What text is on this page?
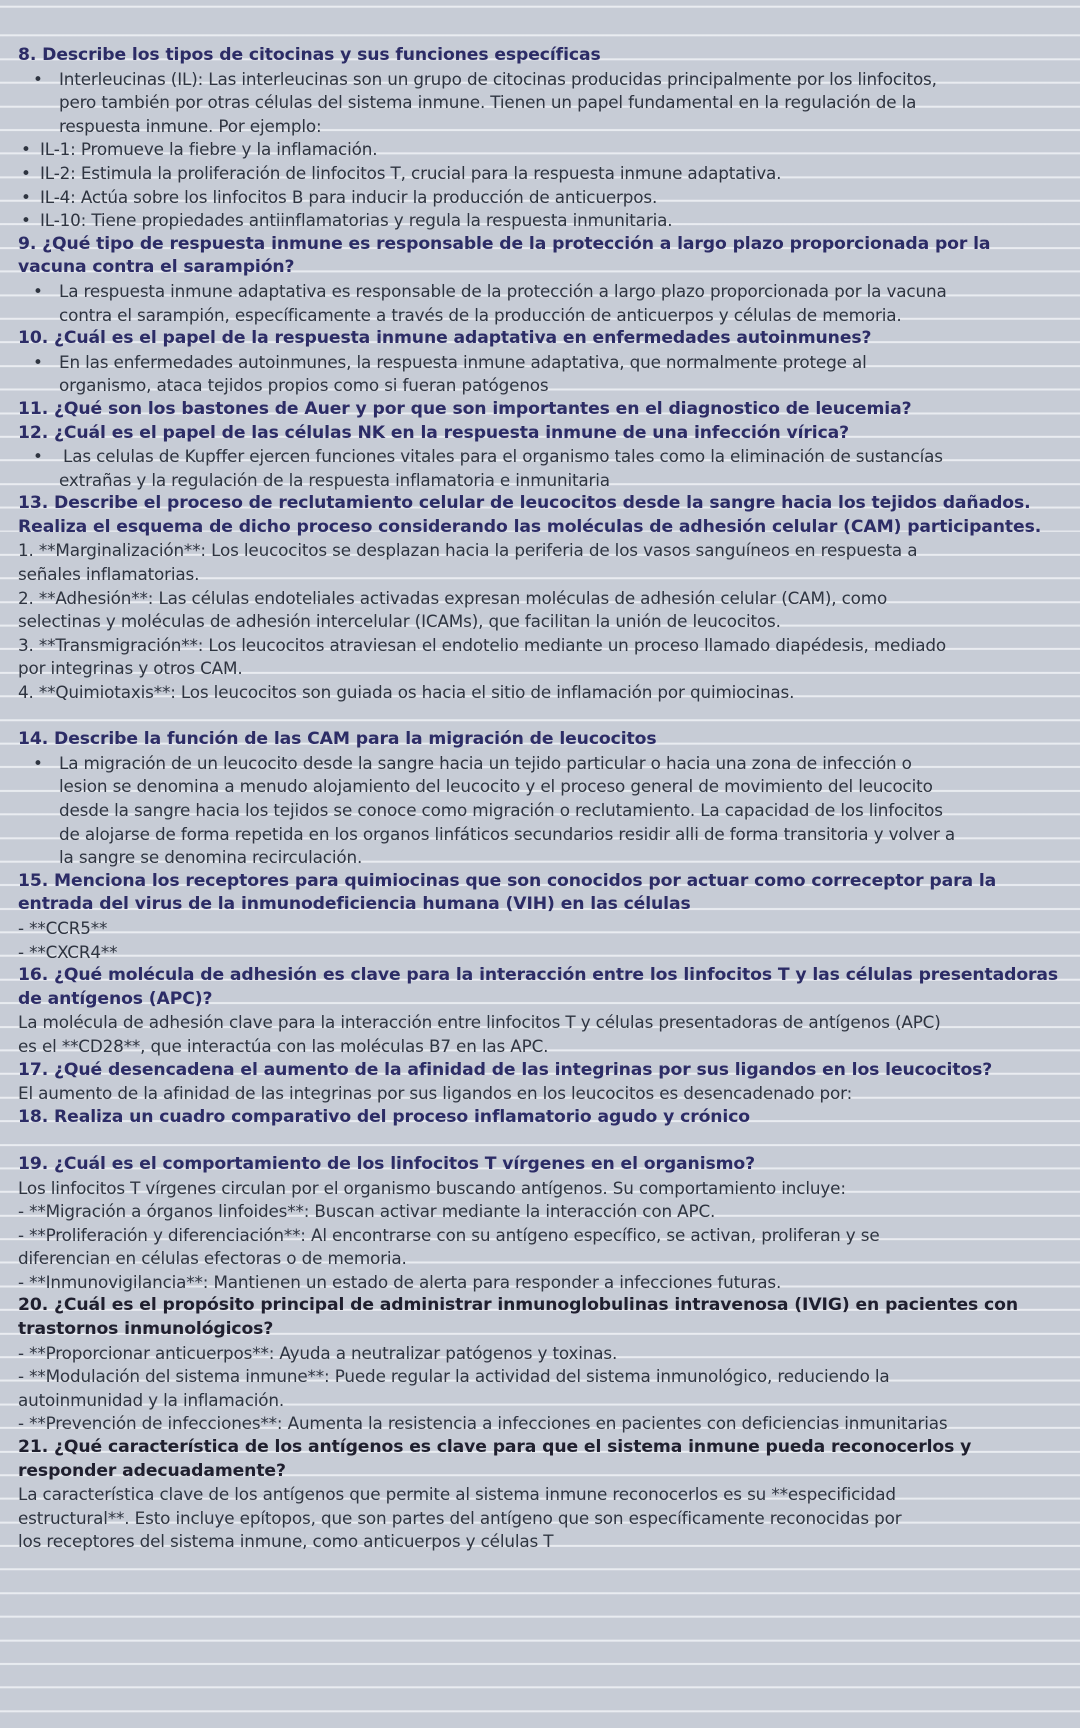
8. Describe los tipos de citocinas y sus funciones específicas
• Interleucinas (IL): Las interleucinas son un grupo de citocinas producidas principalmente por los linfocitos,
pero también por otras células del sistema inmune. Tienen un papel fundamental en la regulación de la
respuesta inmune. Por ejemplo:
• IL-1: Promueve la fiebre y la inflamación.
• IL-2: Estimula la proliferación de linfocitos T, crucial para la respuesta inmune adaptativa.
• IL-4: Actúa sobre los linfocitos B para inducir la producción de anticuerpos.
• IL-10: Tiene propiedades antiinflamatorias y regula la respuesta inmunitaria.
9. ¿Qué tipo de respuesta inmune es responsable de la protección a largo plazo proporcionada por la
vacuna contra el sarampión?
• La respuesta inmune adaptativa es responsable de la protección a largo plazo proporcionada por la vacuna
contra el sarampión, específicamente a través de la producción de anticuerpos y células de memoria.
10. ¿Cuál es el papel de la respuesta inmune adaptativa en enfermedades autoinmunes?
• En las enfermedades autoinmunes, la respuesta inmune adaptativa, que normalmente protege al
organismo, ataca tejidos propios como si fueran patógenos
11. ¿Qué son los bastones de Auer y por que son importantes en el diagnostico de leucemia?
12. ¿Cuál es el papel de las células NK en la respuesta inmune de una infección vírica?
• Las celulas de Kupffer ejercen funciones vitales para el organismo tales como la eliminación de sustancías
extrañas y la regulación de la respuesta inflamatoria e inmunitaria
13. Describe el proceso de reclutamiento celular de leucocitos desde la sangre hacia los tejidos dañados.
Realiza el esquema de dicho proceso considerando las moléculas de adhesión celular (CAM) participantes.
1. **Marginalización**: Los leucocitos se desplazan hacia la periferia de los vasos sanguíneos en respuesta a
señales inflamatorias.
2. **Adhesión**: Las células endoteliales activadas expresan moléculas de adhesión celular (CAM), como
selectinas y moléculas de adhesión intercelular (ICAMs), que facilitan la unión de leucocitos.
3. **Transmigración**: Los leucocitos atraviesan el endotelio mediante un proceso llamado diapédesis, mediado
por integrinas y otros CAM.
4. **Quimiotaxis**: Los leucocitos son guiada os hacia el sitio de inflamación por quimiocinas.
14. Describe la función de las CAM para la migración de leucocitos
• La migración de un leucocito desde la sangre hacia un tejido particular o hacia una zona de infección o
lesion se denomina a menudo alojamiento del leucocito y el proceso general de movimiento del leucocito
desde la sangre hacia los tejidos se conoce como migración o reclutamiento. La capacidad de los linfocitos
de alojarse de forma repetida en los organos linfáticos secundarios residir alli de forma transitoria y volver a
la sangre se denomina recirculación.
15. Menciona los receptores para quimiocinas que son conocidos por actuar como correceptor para la
entrada del virus de la inmunodeficiencia humana (VIH) en las células
- **CCR5**
- **CXCR4**
16. ¿Qué molécula de adhesión es clave para la interacción entre los linfocitos T y las células presentadoras
de antígenos (APC)?
La molécula de adhesión clave para la interacción entre linfocitos T y células presentadoras de antígenos (APC)
es el **CD28**, que interactúa con las moléculas B7 en las APC.
17. ¿Qué desencadena el aumento de la afinidad de las integrinas por sus ligandos en los leucocitos?
El aumento de la afinidad de las integrinas por sus ligandos en los leucocitos es desencadenado por:
18. Realiza un cuadro comparativo del proceso inflamatorio agudo y crónico
19. ¿Cuál es el comportamiento de los linfocitos T vírgenes en el organismo?
Los linfocitos T vírgenes circulan por el organismo buscando antígenos. Su comportamiento incluye:
- **Migración a órganos linfoides**: Buscan activar mediante la interacción con APC.
- **Proliferación y diferenciación**: Al encontrarse con su antígeno específico, se activan, proliferan y se
diferencian en células efectoras o de memoria.
- **Inmunovigilancia**: Mantienen un estado de alerta para responder a infecciones futuras.
20. ¿Cuál es el propósito principal de administrar inmunoglobulinas intravenosa (IVIG) en pacientes con
trastornos inmunológicos?
- **Proporcionar anticuerpos**: Ayuda a neutralizar patógenos y toxinas.
- **Modulación del sistema inmune**: Puede regular la actividad del sistema inmunológico, reduciendo la
autoinmunidad y la inflamación.
- **Prevención de infecciones**: Aumenta la resistencia a infecciones en pacientes con deficiencias inmunitarias
21. ¿Qué característica de los antígenos es clave para que el sistema inmune pueda reconocerlos y
responder adecuadamente?
La característica clave de los antígenos que permite al sistema inmune reconocerlos es su **especificidad
estructural**. Esto incluye epítopos, que son partes del antígeno que son específicamente reconocidas por
los receptores del sistema inmune, como anticuerpos y células T
